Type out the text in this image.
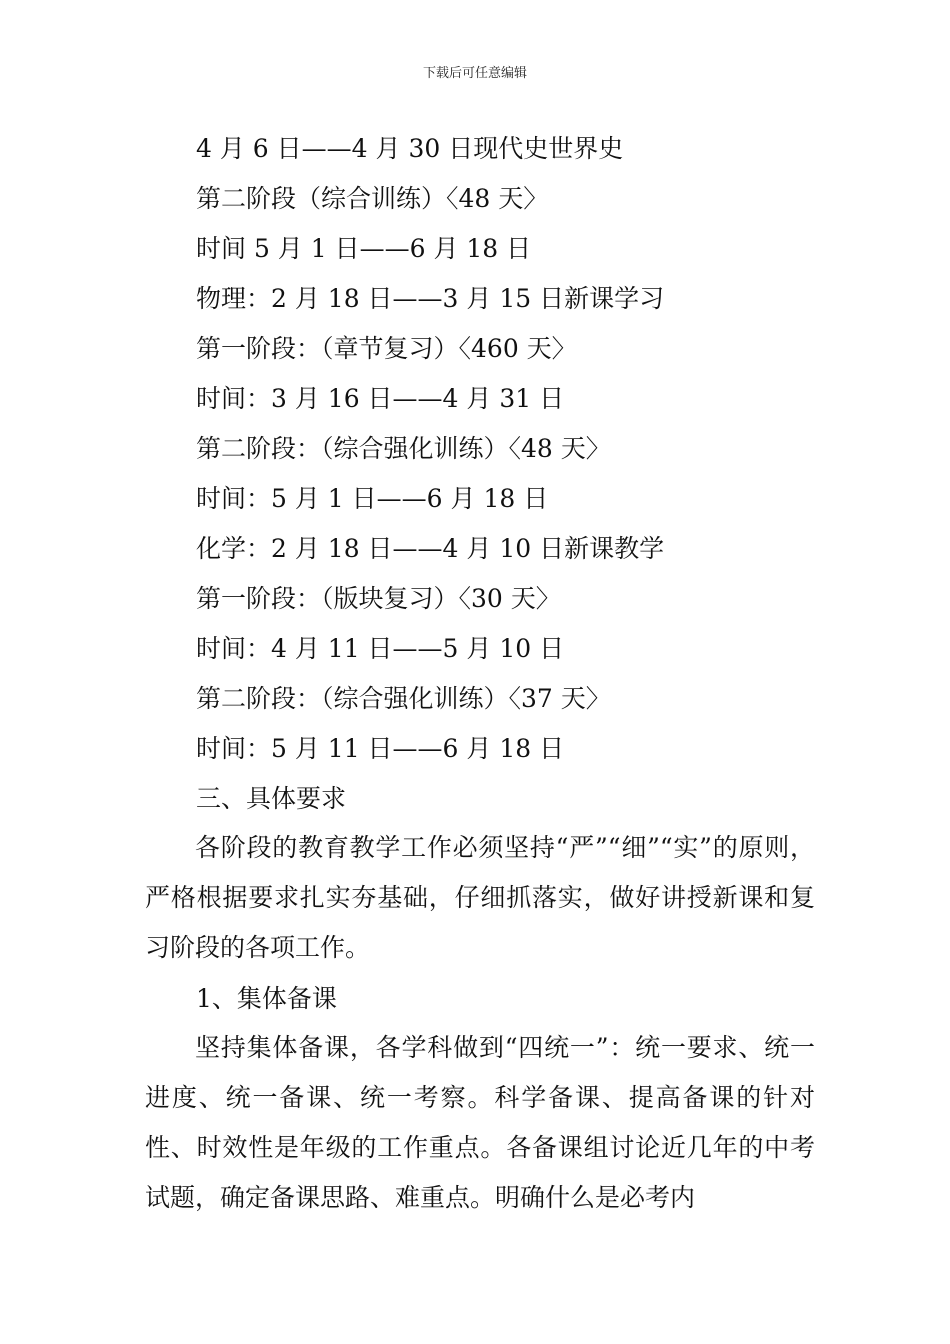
下载后可任意编辑
4 月 6 日——4 月 30 日现代史世界史
第二阶段（综合训练）〈48 天〉
时间 5 月 1 日——6 月 18 日
物理：2 月 18 日——3 月 15 日新课学习
第一阶段：（章节复习）〈460 天〉
时间：3 月 16 日——4 月 31 日
第二阶段：（综合强化训练）〈48 天〉
时间：5 月 1 日——6 月 18 日
化学：2 月 18 日——4 月 10 日新课教学
第一阶段：（版块复习）〈30 天〉
时间：4 月 11 日——5 月 10 日
第二阶段：（综合强化训练）〈37 天〉
时间：5 月 11 日——6 月 18 日
三、具体要求
各阶段的教育教学工作必须坚持“严”“细”“实”的原则，严格根据要求扎实夯基础，仔细抓落实，做好讲授新课和复习阶段的各项工作。
1、集体备课
坚持集体备课，各学科做到“四统一”：统一要求、统一进度、统一备课、统一考察。科学备课、提高备课的针对性、时效性是年级的工作重点。各备课组讨论近几年的中考试题，确定备课思路、难重点。明确什么是必考内
